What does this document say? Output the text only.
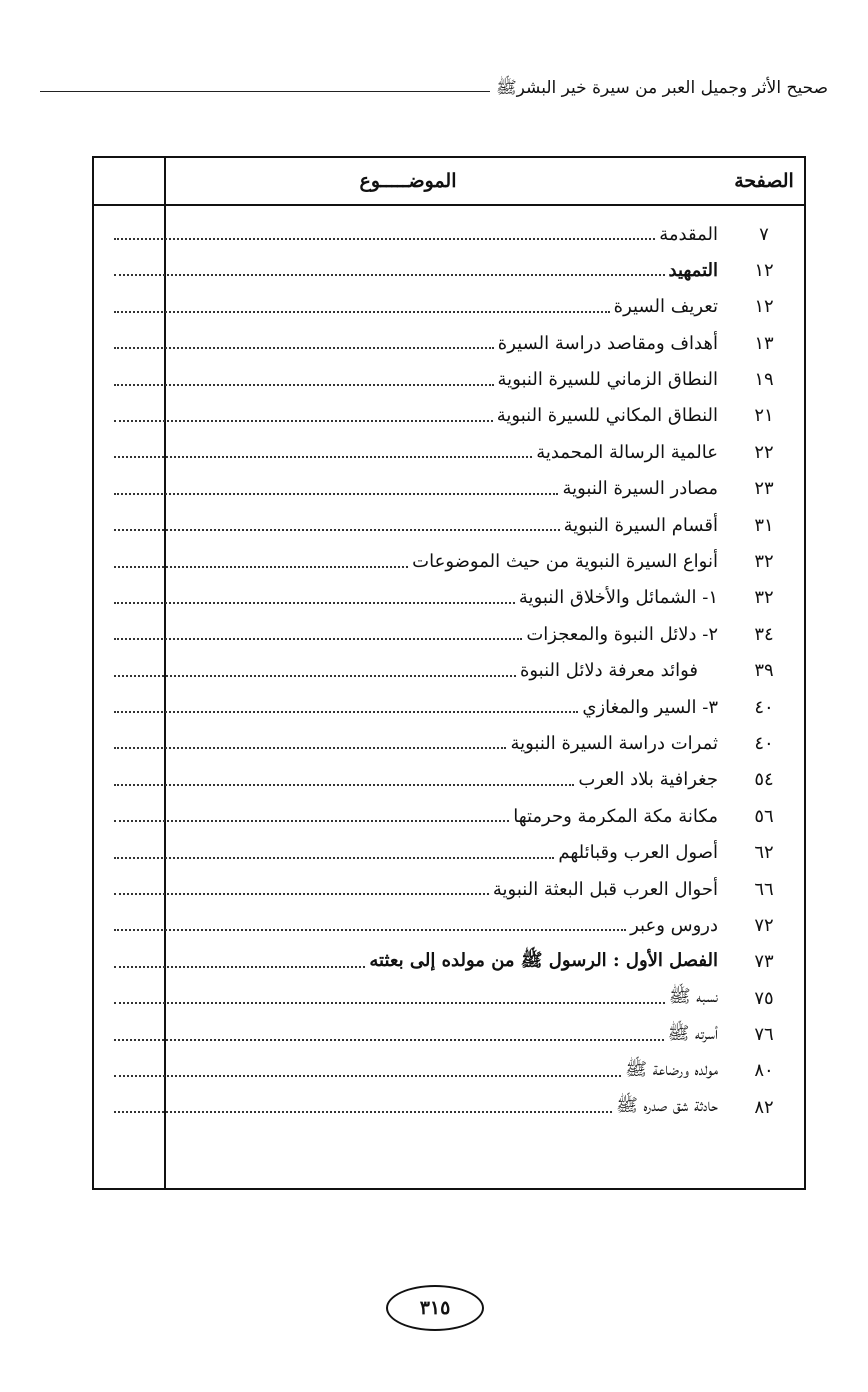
صحيح الأثر وجميل العبر من سيرة خير البشرﷺ
الصفحة
الموضـــــوع
المقدمة	٧
التمهيد	١٢
تعريف السيرة	١٢
أهداف ومقاصد دراسة السيرة	١٣
النطاق الزماني للسيرة النبوية	١٩
النطاق المكاني للسيرة النبوية	٢١
عالمية الرسالة المحمدية	٢٢
مصادر السيرة النبوية	٢٣
أقسام السيرة النبوية	٣١
أنواع السيرة النبوية من حيث الموضوعات	٣٢
١- الشمائل والأخلاق النبوية	٣٢
٢- دلائل النبوة والمعجزات	٣٤
فوائد معرفة دلائل النبوة	٣٩
٣- السير والمغازي	٤٠
ثمرات دراسة السيرة النبوية	٤٠
جغرافية بلاد العرب	٥٤
مكانة مكة المكرمة وحرمتها	٥٦
أصول العرب وقبائلهم	٦٢
أحوال العرب قبل البعثة النبوية	٦٦
دروس وعبر	٧٢
الفصل الأول : الرسول ﷺ من مولده إلى بعثته	٧٣
نسبه ﷺ	٧٥
أسرته ﷺ	٧٦
مولده ورضاعة ﷺ	٨٠
حادثة شق صدره ﷺ	٨٢
٣١٥
